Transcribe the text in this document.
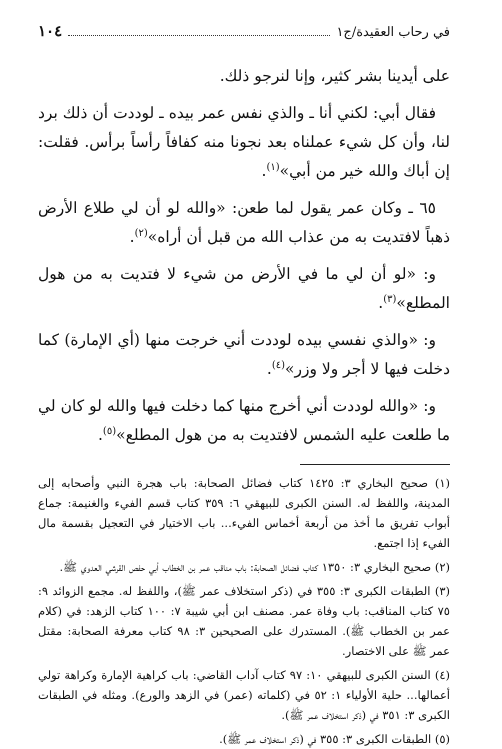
١٠٤	في رحاب العقيدة/ج١

على أيدينا بشر كثير، وإنا لنرجو ذلك.

فقال أبي: لكني أنا ـ والذي نفس عمر بيده ـ لوددت أن ذلك برد لنا، وأن كل شيء عملناه بعد نجونا منه كفافاً رأساً برأس. فقلت: إن أباك والله خير من أبي»$^{(١)}$.

٦٥ ـ وكان عمر يقول لما طعن: «والله لو أن لي طلاع الأرض ذهباً لافتديت به من عذاب الله من قبل أن أراه»$^{(٢)}$.

و: «لو أن لي ما في الأرض من شيء لا فتديت به من هول المطلع»$^{(٣)}$.

و: «والذي نفسي بيده لوددت أني خرجت منها (أي الإمارة) كما دخلت فيها لا أجر ولا وزر»$^{(٤)}$.

و: «والله لوددت أني أخرج منها كما دخلت فيها والله لو كان لي ما طلعت عليه الشمس لافتديت به من هول المطلع»$^{(٥)}$.

(١) صحيح البخاري ٣: ١٤٢٥ كتاب فضائل الصحابة: باب هجرة النبي وأصحابه إلى المدينة، واللفظ له. السنن الكبرى للبيهقي ٦: ٣٥٩ كتاب قسم الفيء والغنيمة: جماع أبواب تفريق ما أخذ من أربعة أخماس الفيء... باب الاختيار في التعجيل بقسمة مال الفيء إذا اجتمع.

(٢) صحيح البخاري ٣: ١٣٥٠ كتاب فضائل الصحابة: باب مناقب عمر بن الخطاب أبي حفص القرشي العدوي ﷺ.

(٣) الطبقات الكبرى ٣: ٣٥٥ في (ذكر استخلاف عمر ﷺ)، واللفظ له. مجمع الزوائد ٩: ٧٥ كتاب المناقب: باب وفاة عمر. مصنف ابن أبي شيبة ٧: ١٠٠ كتاب الزهد: في (كلام عمر بن الخطاب ﷺ). المستدرك على الصحيحين ٣: ٩٨ كتاب معرفة الصحابة: مقتل عمر ﷺ على الاختصار.

(٤) السنن الكبرى للبيهقي ١٠: ٩٧ كتاب آداب القاضي: باب كراهية الإمارة وكراهة تولي أعمالها... حلية الأولياء ١: ٥٢ في (كلماته (عمر) في الزهد والورع). ومثله في الطبقات الكبرى ٣: ٣٥١ في (ذكر استخلاف عمر ﷺ).

(٥) الطبقات الكبرى ٣: ٣٥٥ في (ذكر استخلاف عمر ﷺ).
